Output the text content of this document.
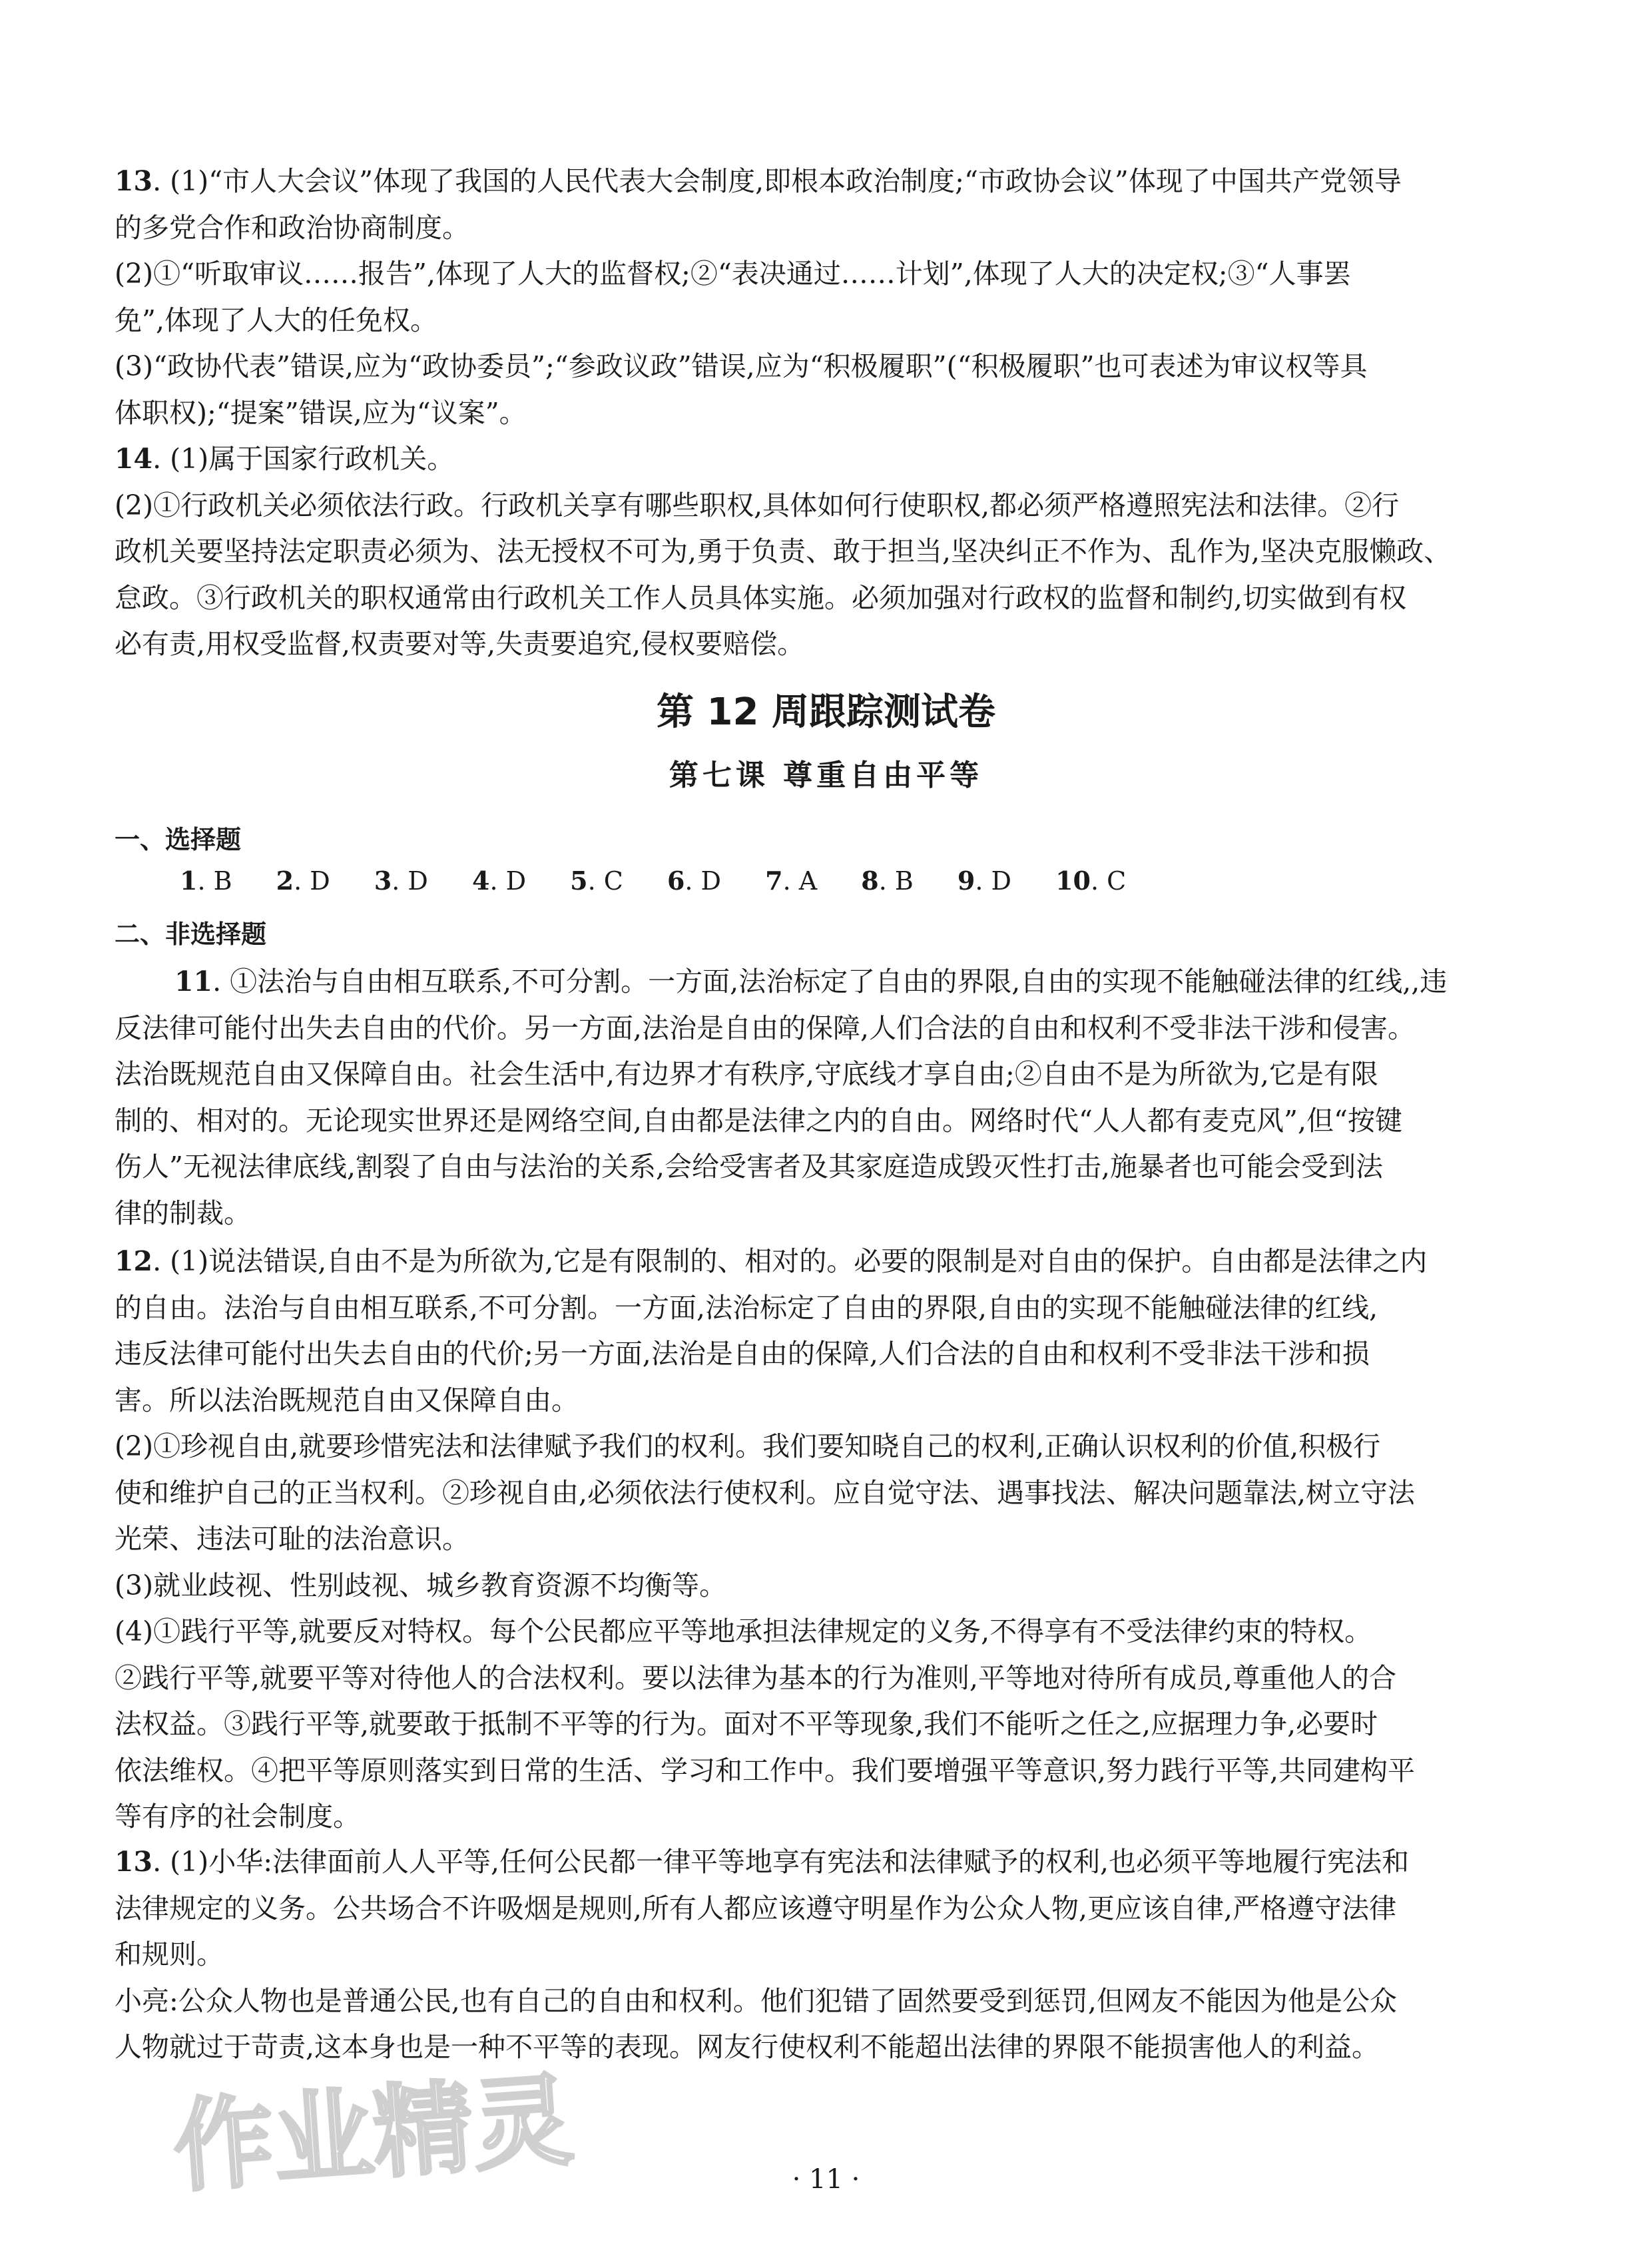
13. (1)“市人大会议”体现了我国的人民代表大会制度,即根本政治制度;“市政协会议”体现了中国共产党领导
的多党合作和政治协商制度。
(2)①“听取审议……报告”,体现了人大的监督权;②“表决通过……计划”,体现了人大的决定权;③“人事罢
免”,体现了人大的任免权。
(3)“政协代表”错误,应为“政协委员”;“参政议政”错误,应为“积极履职”(“积极履职”也可表述为审议权等具
体职权);“提案”错误,应为“议案”。
14. (1)属于国家行政机关。
(2)①行政机关必须依法行政。行政机关享有哪些职权,具体如何行使职权,都必须严格遵照宪法和法律。②行
政机关要坚持法定职责必须为、法无授权不可为,勇于负责、敢于担当,坚决纠正不作为、乱作为,坚决克服懒政、
怠政。③行政机关的职权通常由行政机关工作人员具体实施。必须加强对行政权的监督和制约,切实做到有权
必有责,用权受监督,权责要对等,失责要追究,侵权要赔偿。
第 12 周跟踪测试卷
第七课 尊重自由平等
一、选择题
1. B 2. D 3. D 4. D 5. C 6. D 7. A 8. B 9. D 10. C
二、非选择题
11. ①法治与自由相互联系,不可分割。一方面,法治标定了自由的界限,自由的实现不能触碰法律的红线,,违
反法律可能付出失去自由的代价。另一方面,法治是自由的保障,人们合法的自由和权利不受非法干涉和侵害。
法治既规范自由又保障自由。社会生活中,有边界才有秩序,守底线才享自由;②自由不是为所欲为,它是有限
制的、相对的。无论现实世界还是网络空间,自由都是法律之内的自由。网络时代“人人都有麦克风”,但“按键
伤人”无视法律底线,割裂了自由与法治的关系,会给受害者及其家庭造成毁灭性打击,施暴者也可能会受到法
律的制裁。
12. (1)说法错误,自由不是为所欲为,它是有限制的、相对的。必要的限制是对自由的保护。自由都是法律之内
的自由。法治与自由相互联系,不可分割。一方面,法治标定了自由的界限,自由的实现不能触碰法律的红线,
违反法律可能付出失去自由的代价;另一方面,法治是自由的保障,人们合法的自由和权利不受非法干涉和损
害。所以法治既规范自由又保障自由。
(2)①珍视自由,就要珍惜宪法和法律赋予我们的权利。我们要知晓自己的权利,正确认识权利的价值,积极行
使和维护自己的正当权利。②珍视自由,必须依法行使权利。应自觉守法、遇事找法、解决问题靠法,树立守法
光荣、违法可耻的法治意识。
(3)就业歧视、性别歧视、城乡教育资源不均衡等。
(4)①践行平等,就要反对特权。每个公民都应平等地承担法律规定的义务,不得享有不受法律约束的特权。
②践行平等,就要平等对待他人的合法权利。要以法律为基本的行为准则,平等地对待所有成员,尊重他人的合
法权益。③践行平等,就要敢于抵制不平等的行为。面对不平等现象,我们不能听之任之,应据理力争,必要时
依法维权。④把平等原则落实到日常的生活、学习和工作中。我们要增强平等意识,努力践行平等,共同建构平
等有序的社会制度。
13. (1)小华:法律面前人人平等,任何公民都一律平等地享有宪法和法律赋予的权利,也必须平等地履行宪法和
法律规定的义务。公共场合不许吸烟是规则,所有人都应该遵守明星作为公众人物,更应该自律,严格遵守法律
和规则。
小亮:公众人物也是普通公民,也有自己的自由和权利。他们犯错了固然要受到惩罚,但网友不能因为他是公众
人物就过于苛责,这本身也是一种不平等的表现。网友行使权利不能超出法律的界限不能损害他人的利益。
作业精灵	· 11 ·
